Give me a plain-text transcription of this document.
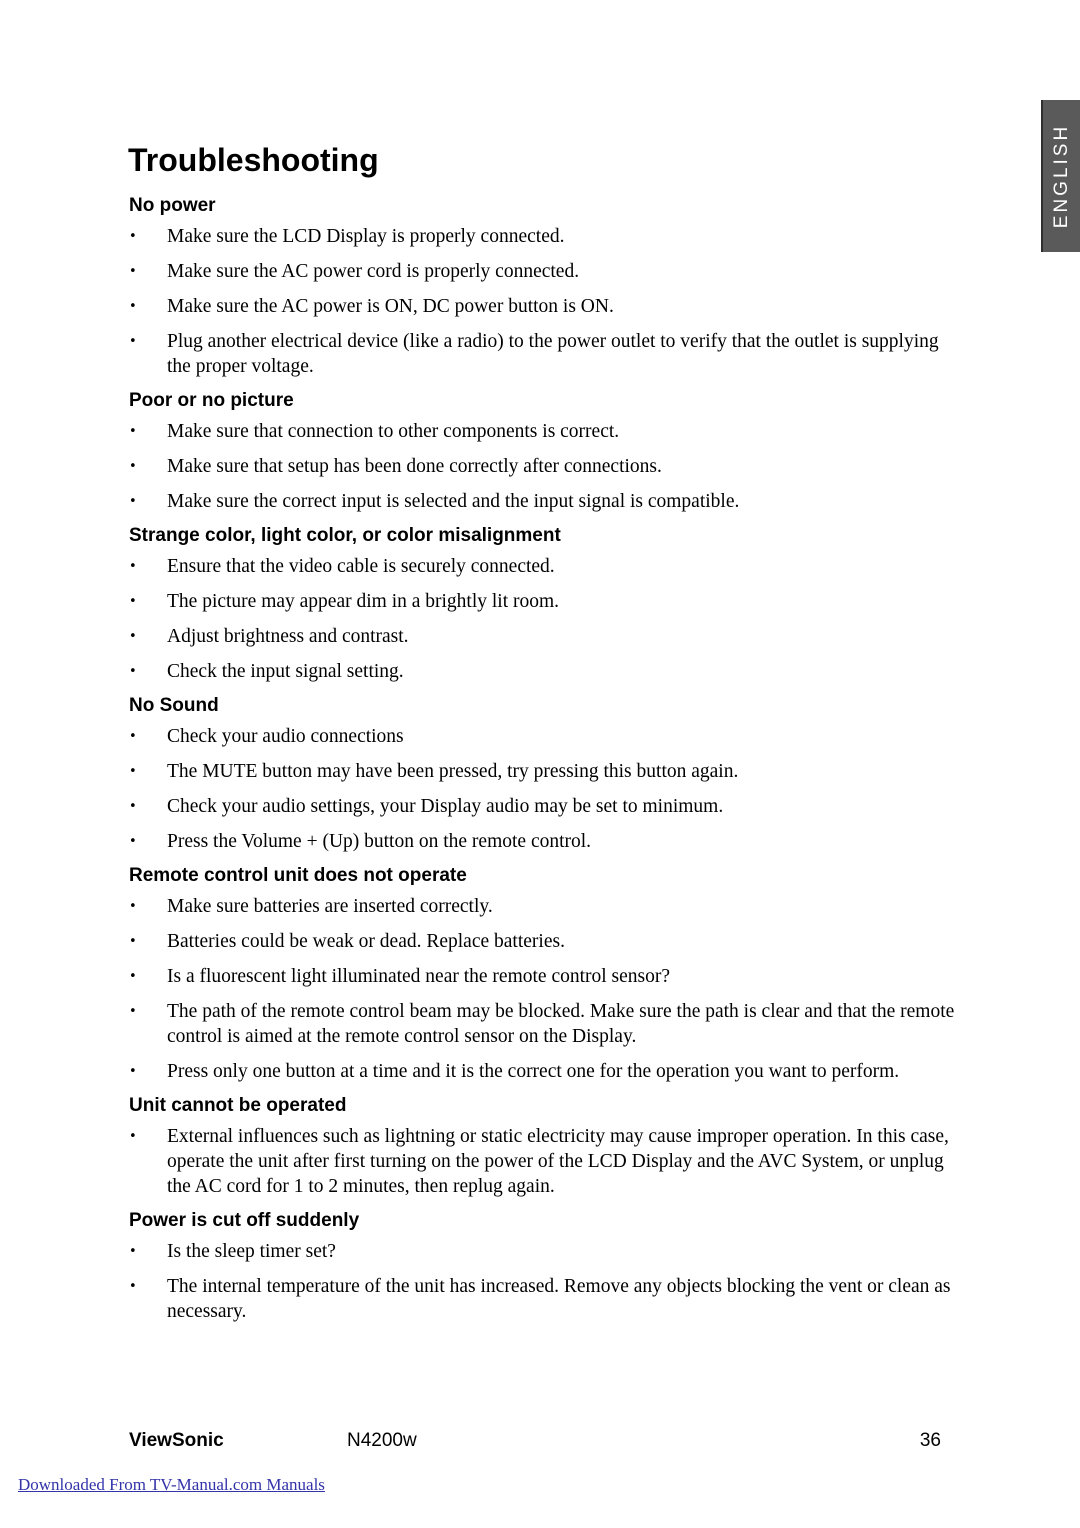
Troubleshooting	ENGLISH
No power
• Make sure the LCD Display is properly connected.
• Make sure the AC power cord is properly connected.
• Make sure the AC power is ON, DC power button is ON.
• Plug another electrical device (like a radio) to the power outlet to verify that the outlet is supplying the proper voltage.
Poor or no picture
• Make sure that connection to other components is correct.
• Make sure that setup has been done correctly after connections.
• Make sure the correct input is selected and the input signal is compatible.
Strange color, light color, or color misalignment
• Ensure that the video cable is securely connected.
• The picture may appear dim in a brightly lit room.
• Adjust brightness and contrast.
• Check the input signal setting.
No Sound
• Check your audio connections
• The MUTE button may have been pressed, try pressing this button again.
• Check your audio settings, your Display audio may be set to minimum.
• Press the Volume + (Up) button on the remote control.
Remote control unit does not operate
• Make sure batteries are inserted correctly.
• Batteries could be weak or dead. Replace batteries.
• Is a fluorescent light illuminated near the remote control sensor?
• The path of the remote control beam may be blocked. Make sure the path is clear and that the remote control is aimed at the remote control sensor on the Display.
• Press only one button at a time and it is the correct one for the operation you want to perform.
Unit cannot be operated
• External influences such as lightning or static electricity may cause improper operation. In this case, operate the unit after first turning on the power of the LCD Display and the AVC System, or unplug the AC cord for 1 to 2 minutes, then replug again.
Power is cut off suddenly
• Is the sleep timer set?
• The internal temperature of the unit has increased. Remove any objects blocking the vent or clean as necessary.
ViewSonic	N4200w	36
Downloaded From TV-Manual.com Manuals
